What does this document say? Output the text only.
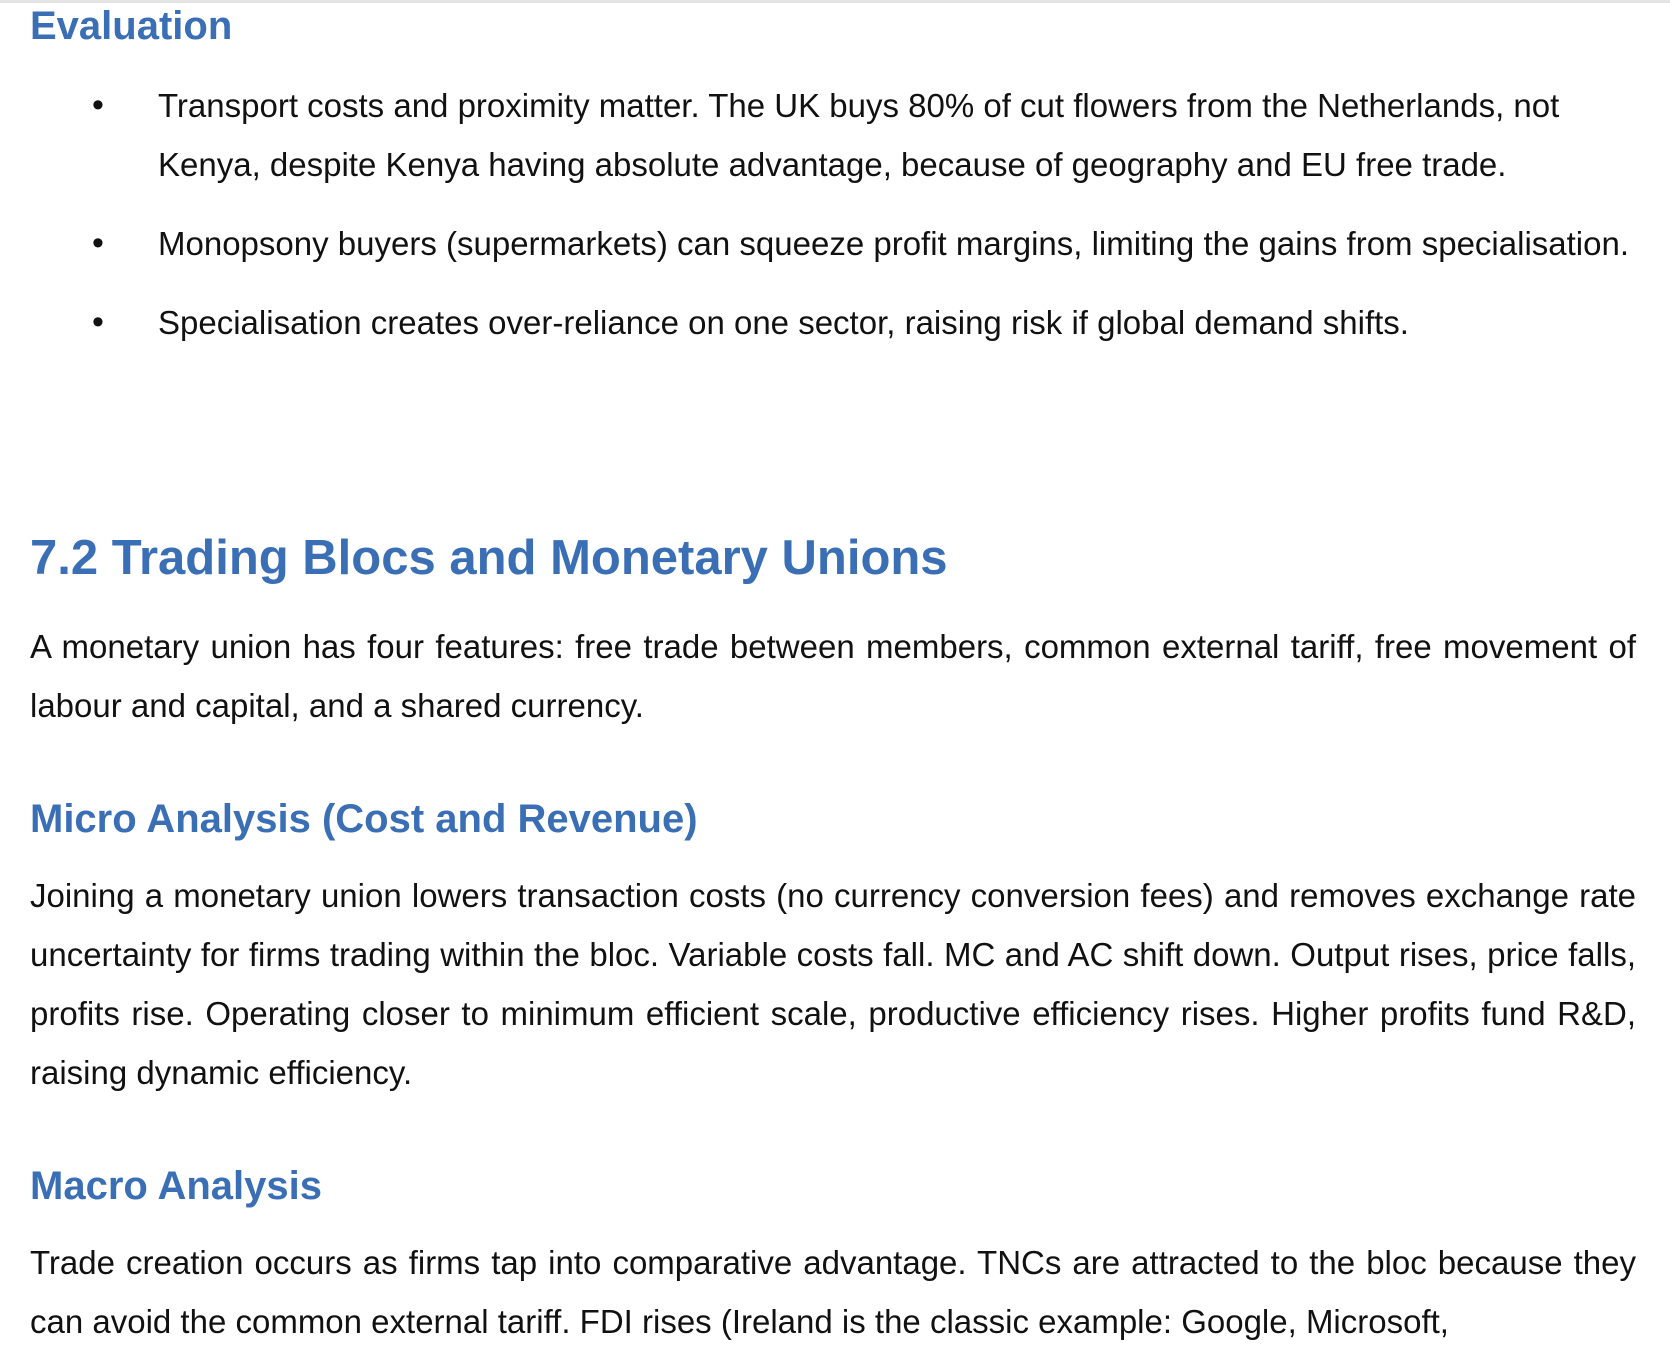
Evaluation
• Transport costs and proximity matter. The UK buys 80% of cut flowers from the Netherlands, not Kenya, despite Kenya having absolute advantage, because of geography and EU free trade.
• Monopsony buyers (supermarkets) can squeeze profit margins, limiting the gains from specialisation.
• Specialisation creates over-reliance on one sector, raising risk if global demand shifts.
7.2 Trading Blocs and Monetary Unions

A monetary union has four features: free trade between members, common external tariff, free movement of labour and capital, and a shared currency.

Micro Analysis (Cost and Revenue)

Joining a monetary union lowers transaction costs (no currency conversion fees) and removes exchange rate uncertainty for firms trading within the bloc. Variable costs fall. MC and AC shift down. Output rises, price falls, profits rise. Operating closer to minimum efficient scale, productive efficiency rises. Higher profits fund R&D, raising dynamic efficiency.

Macro Analysis

Trade creation occurs as firms tap into comparative advantage. TNCs are attracted to the bloc because they can avoid the common external tariff. FDI rises (Ireland is the classic example: Google, Microsoft,
